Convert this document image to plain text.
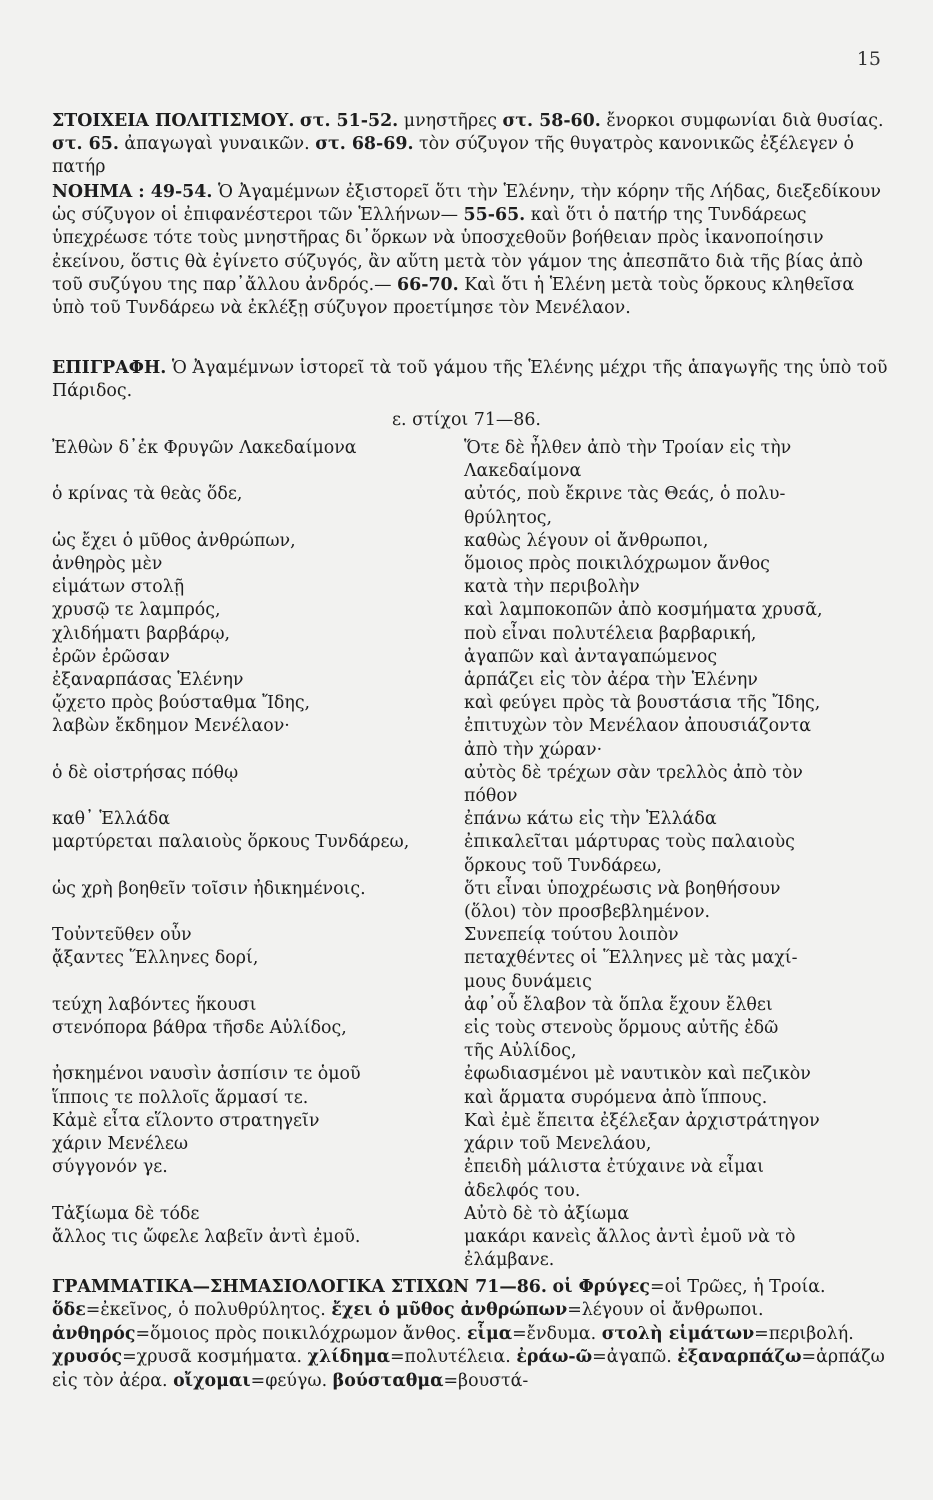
15
ΣΤΟΙΧΕΙΑ ΠΟΛΙΤΙΣΜΟΥ. στ. 51-52. μνηστῆρες στ. 58-60. ἔνορκοι συμφωνίαι διὰ θυσίας. στ. 65. ἀπαγωγαὶ γυναικῶν. στ. 68-69. τὸν σύζυγον τῆς θυγατρὸς κανονικῶς ἐξέλεγεν ὁ πατήρ
ΝΟΗΜΑ : 49-54. Ὁ Ἀγαμέμνων ἐξιστορεῖ ὅτι τὴν Ἑλένην, τὴν κόρην τῆς Λήδας, διεξεδίκουν ὡς σύζυγον οἱ ἐπιφανέστεροι τῶν Ἑλλήνων— 55-65. καὶ ὅτι ὁ πατήρ της Τυνδάρεως ὑπεχρέωσε τότε τοὺς μνηστῆρας δι᾿ὅρκων νὰ ὑποσχεθοῦν βοήθειαν πρὸς ἱκανοποίησιν ἐκείνου, ὅστις θὰ ἐγίνετο σύζυγός, ἂν αὕτη μετὰ τὸν γάμον της ἀπεσπᾶτο διὰ τῆς βίας ἀπὸ τοῦ συζύγου της παρ᾿ἄλλου ἀνδρός.— 66-70. Καὶ ὅτι ἡ Ἑλένη μετὰ τοὺς ὅρκους κληθεῖσα ὑπὸ τοῦ Τυνδάρεω νὰ ἐκλέξῃ σύζυγον προετίμησε τὸν Μενέλαον.
ΕΠΙΓΡΑΦΗ. Ὁ Ἀγαμέμνων ἱστορεῖ τὰ τοῦ γάμου τῆς Ἑλένης μέχρι τῆς ἁπαγωγῆς της ὑπὸ τοῦ Πάριδος.
ε. στίχοι 71—86.
Ἐλθὼν δ᾿ἐκ Φρυγῶν Λακεδαίμονα	Ὅτε δὲ ἦλθεν ἀπὸ τὴν Τροίαν εἰς τὴν

Λακεδαίμονα
ὁ κρίνας τὰ θεὰς ὅδε,	αὐτός, ποὺ ἔκρινε τὰς Θεάς, ὁ πολυ-

θρύλητος,
ὡς ἔχει ὁ μῦθος ἀνθρώπων,	καθὼς λέγουν οἱ ἄνθρωποι,
ἀνθηρὸς μὲν	ὅμοιος πρὸς ποικιλόχρωμον ἄνθος
εἱμάτων στολῇ	κατὰ τὴν περιβολὴν
χρυσῷ τε λαμπρός,	καὶ λαμποκοπῶν ἀπὸ κοσμήματα χρυσᾶ,
χλιδήματι βαρβάρῳ,	ποὺ εἶναι πολυτέλεια βαρβαρική,
ἐρῶν ἐρῶσαν	ἀγαπῶν καὶ ἀνταγαπώμενος
ἐξαναρπάσας Ἑλένην	ἁρπάζει εἰς τὸν ἀέρα τὴν Ἑλένην
ᾤχετο πρὸς βούσταθμα Ἴδης,	καὶ φεύγει πρὸς τὰ βουστάσια τῆς Ἴδης,
λαβὼν ἔκδημον Μενέλαον·	ἐπιτυχὼν τὸν Μενέλαον ἀπουσιάζοντα

ἀπὸ τὴν χώραν·
ὁ δὲ οἰστρήσας πόθῳ	αὐτὸς δὲ τρέχων σὰν τρελλὸς ἀπὸ τὸν

πόθον
καθ᾿ Ἑλλάδα	ἐπάνω κάτω εἰς τὴν Ἑλλάδα
μαρτύρεται παλαιοὺς ὅρκους Τυνδάρεω,	ἐπικαλεῖται μάρτυρας τοὺς παλαιοὺς

ὅρκους τοῦ Τυνδάρεω,
ὡς χρὴ βοηθεῖν τοῖσιν ἠδικημένοις.	ὅτι εἶναι ὑποχρέωσις νὰ βοηθήσουν

(ὅλοι) τὸν προσβεβλημένον.
Τοὐντεῦθεν οὖν	Συνεπείᾳ τούτου λοιπὸν
ᾄξαντες Ἕλληνες δορί,	πεταχθέντες οἱ Ἕλληνες μὲ τὰς μαχί-

μους δυνάμεις
τεύχη λαβόντες ἥκουσι	ἀφ᾿οὗ ἔλαβον τὰ ὅπλα ἔχουν ἔλθει
στενόπορα βάθρα τῆσδε Αὐλίδος,	εἰς τοὺς στενοὺς ὅρμους αὐτῆς ἐδῶ

τῆς Αὐλίδος,
ἠσκημένοι ναυσὶν ἀσπίσιν τε ὁμοῦ	ἐφωδιασμένοι μὲ ναυτικὸν καὶ πεζικὸν
ἵπποις τε πολλοῖς ἅρμασί τε.	καὶ ἅρματα συρόμενα ἀπὸ ἵππους.
Κἀμὲ εἶτα εἵλοντο στρατηγεῖν	Καὶ ἐμὲ ἔπειτα ἐξέλεξαν ἀρχιστράτηγον
χάριν Μενέλεω	χάριν τοῦ Μενελάου,
σύγγονόν γε.	ἐπειδὴ μάλιστα ἐτύχαινε νὰ εἶμαι

ἀδελφός του.
Τἀξίωμα δὲ τόδε	Αὐτὸ δὲ τὸ ἀξίωμα
ἄλλος τις ὤφελε λαβεῖν ἀντὶ ἐμοῦ.	μακάρι κανεὶς ἄλλος ἀντὶ ἐμοῦ νὰ τὸ

ἐλάμβανε.
ΓΡΑΜΜΑΤΙΚΑ—ΣΗΜΑΣΙΟΛΟΓΙΚΑ ΣΤΙΧΩΝ 71—86. οἱ Φρύγες=οἱ Τρῶες, ἡ Τροία. ὅδε=ἐκεῖνος, ὁ πολυθρύλητος. ἔχει ὁ μῦθος ἀνθρώπων=λέγουν οἱ ἄνθρωποι. ἀνθηρός=ὅμοιος πρὸς ποικιλόχρωμον ἄνθος. εἷμα=ἔνδυμα. στολὴ εἱμάτων=περιβολή. χρυσός=χρυσᾶ κοσμήματα. χλίδημα=πολυτέλεια. ἐράω-ῶ=ἀγαπῶ. ἐξαναρπάζω=ἁρπάζω εἰς τὸν ἀέρα. οἴχομαι=φεύγω. βούσταθμα=βουστά-
